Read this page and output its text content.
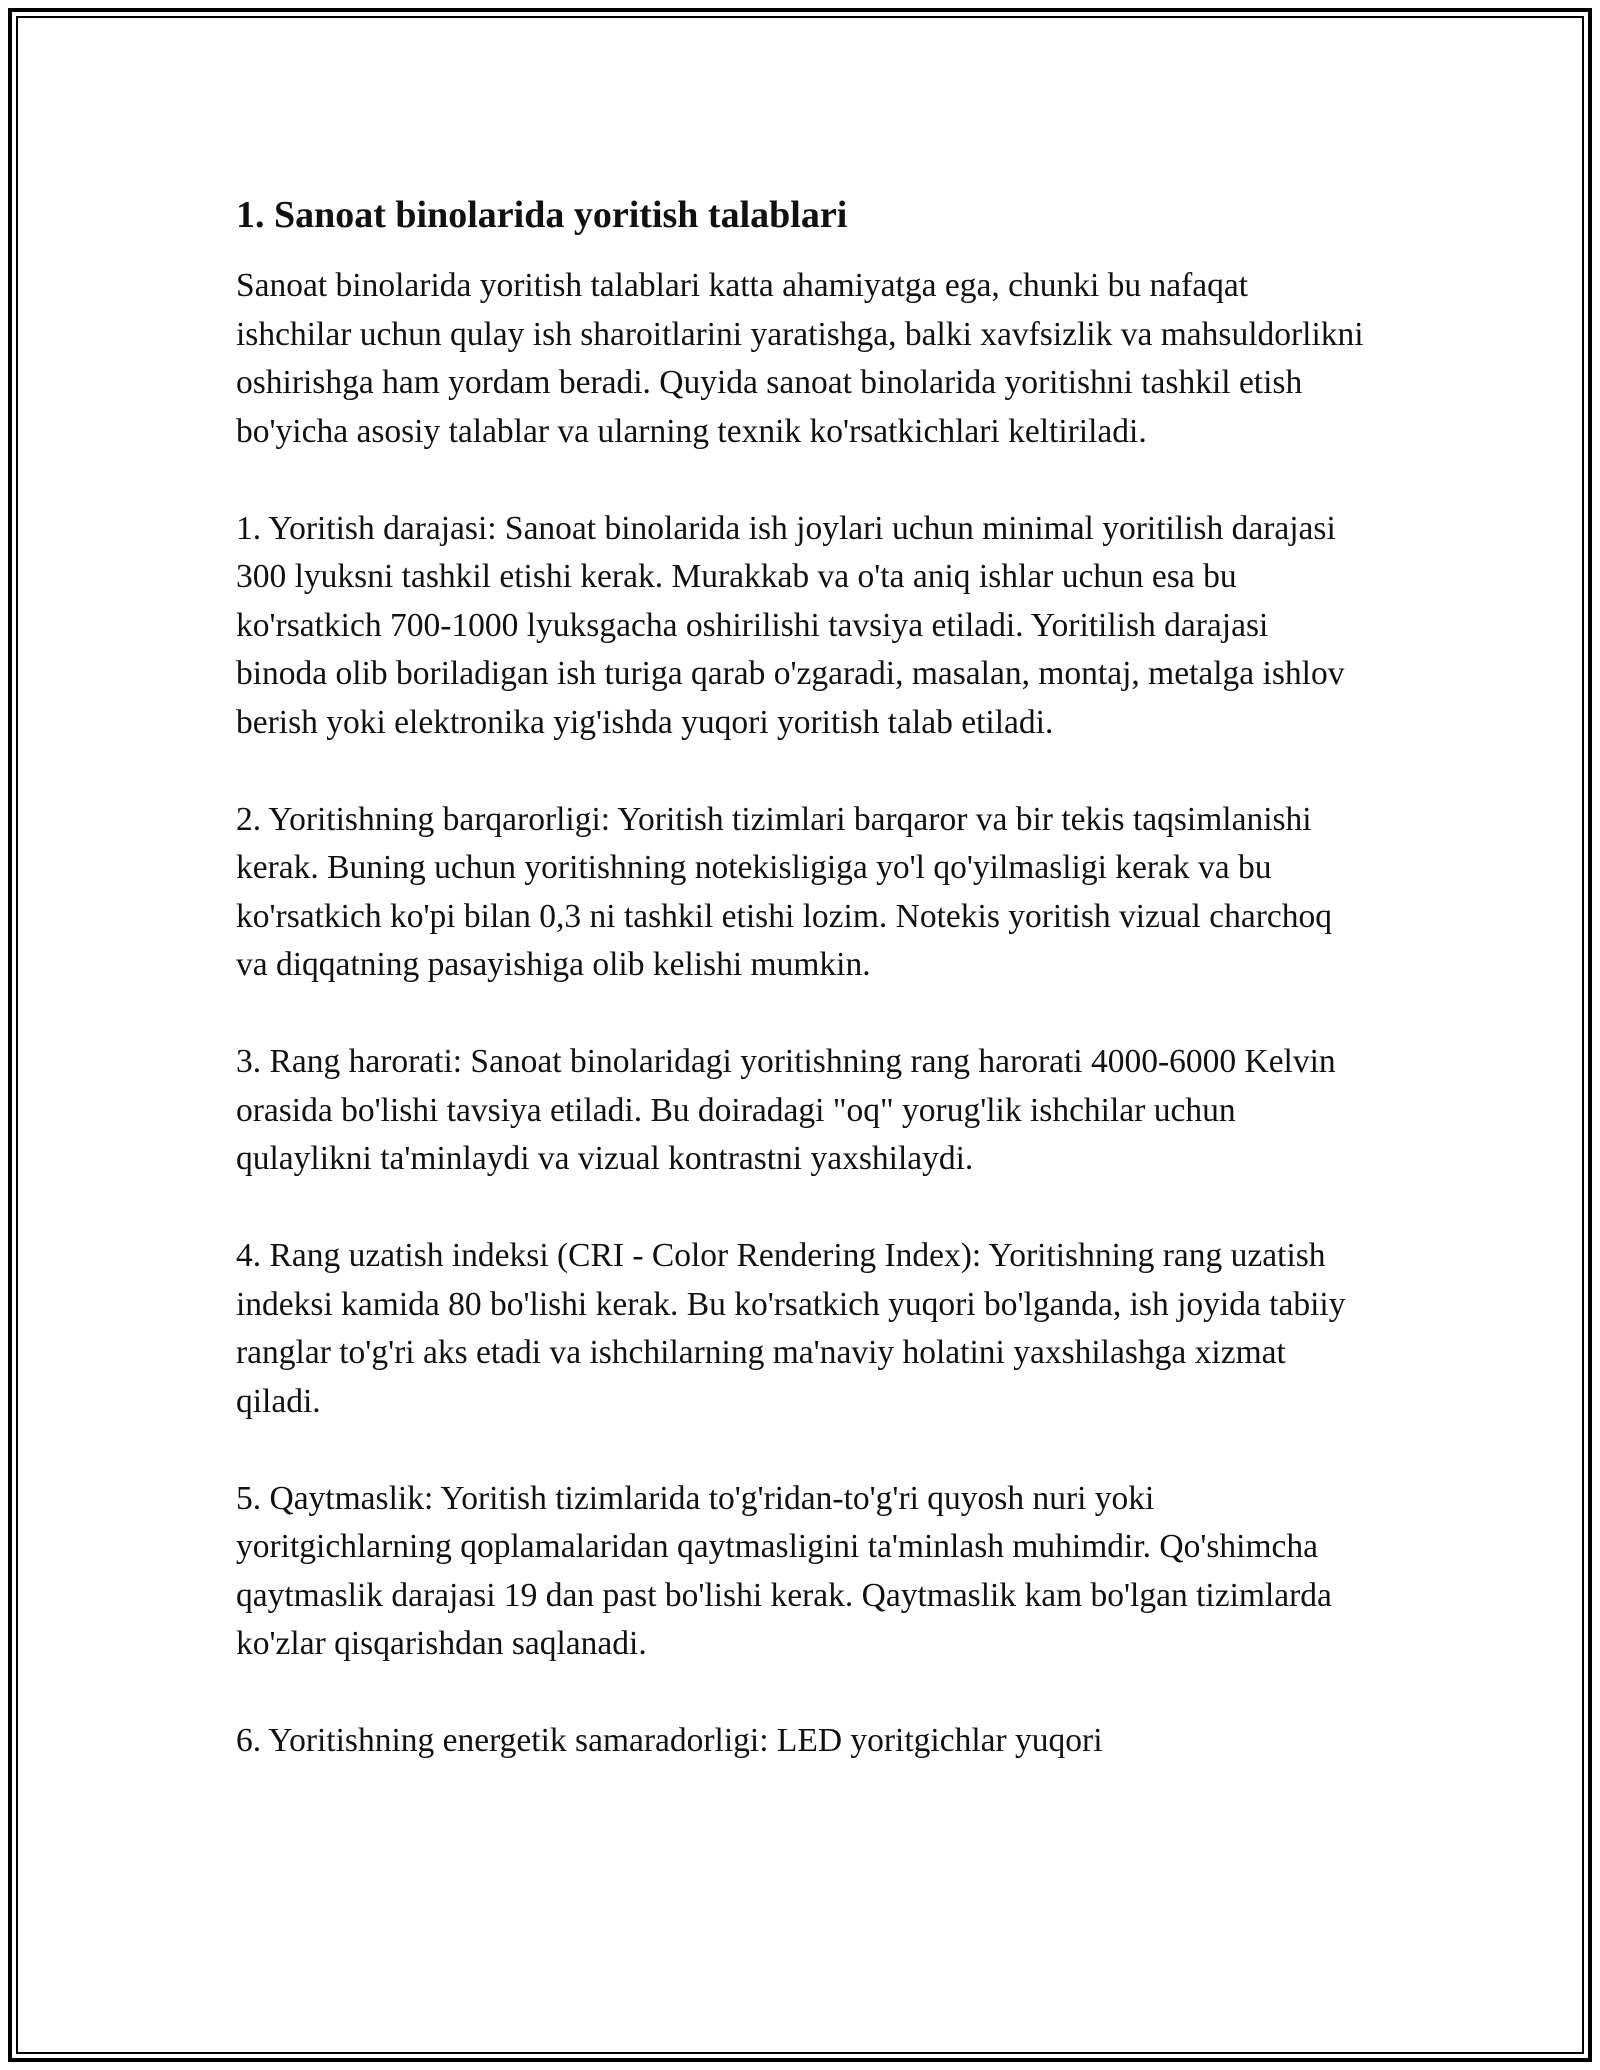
1. Sanoat binolarida yoritish talablari

Sanoat binolarida yoritish talablari katta ahamiyatga ega, chunki bu nafaqat ishchilar uchun qulay ish sharoitlarini yaratishga, balki xavfsizlik va mahsuldorlikni oshirishga ham yordam beradi. Quyida sanoat binolarida yoritishni tashkil etish bo'yicha asosiy talablar va ularning texnik ko'rsatkichlari keltiriladi.

1. Yoritish darajasi: Sanoat binolarida ish joylari uchun minimal yoritilish darajasi 300 lyuksni tashkil etishi kerak. Murakkab va o'ta aniq ishlar uchun esa bu ko'rsatkich 700-1000 lyuksgacha oshirilishi tavsiya etiladi. Yoritilish darajasi binoda olib boriladigan ish turiga qarab o'zgaradi, masalan, montaj, metalga ishlov berish yoki elektronika yig'ishda yuqori yoritish talab etiladi.

2. Yoritishning barqarorligi: Yoritish tizimlari barqaror va bir tekis taqsimlanishi kerak. Buning uchun yoritishning notekisligiga yo'l qo'yilmasligi kerak va bu ko'rsatkich ko'pi bilan 0,3 ni tashkil etishi lozim. Notekis yoritish vizual charchoq va diqqatning pasayishiga olib kelishi mumkin.

3. Rang harorati: Sanoat binolaridagi yoritishning rang harorati 4000-6000 Kelvin orasida bo'lishi tavsiya etiladi. Bu doiradagi "oq" yorug'lik ishchilar uchun qulaylikni ta'minlaydi va vizual kontrastni yaxshilaydi.

4. Rang uzatish indeksi (CRI - Color Rendering Index): Yoritishning rang uzatish indeksi kamida 80 bo'lishi kerak. Bu ko'rsatkich yuqori bo'lganda, ish joyida tabiiy ranglar to'g'ri aks etadi va ishchilarning ma'naviy holatini yaxshilashga xizmat qiladi.

5. Qaytmaslik: Yoritish tizimlarida to'g'ridan-to'g'ri quyosh nuri yoki yoritgichlarning qoplamalaridan qaytmasligini ta'minlash muhimdir. Qo'shimcha qaytmaslik darajasi 19 dan past bo'lishi kerak. Qaytmaslik kam bo'lgan tizimlarda ko'zlar qisqarishdan saqlanadi.

6. Yoritishning energetik samaradorligi: LED yoritgichlar yuqori
